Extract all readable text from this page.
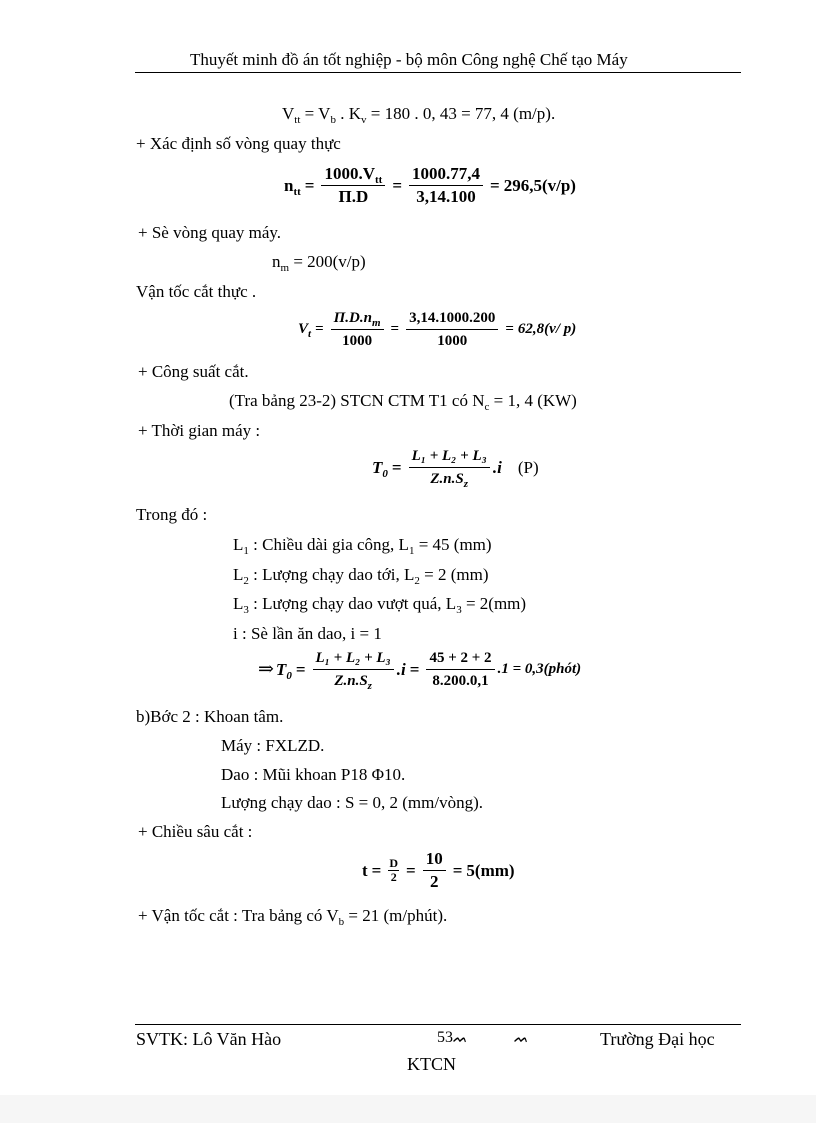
Thuyết minh đồ án tốt nghiệp - bộ môn Công nghệ Chế tạo Máy
$V_{tt} = V_b$ . $K_v = 180$ . 0, 43 = 77, 4 (m/p).
+ Xác định số vòng quay thực
$n_{tt} = \frac{1000.V_{tt}}{\Pi.D} = \frac{1000.77,4}{3,14.100} = 296,5(v/p)$
+ Sè vòng quay máy.
$n_m = 200(v/p)$
Vận tốc cắt thực .
$V_t = \frac{\Pi.D.n_m}{1000} = \frac{3,14.1000.200}{1000} = 62,8(v/$ p)
+ Công suất cắt.
(Tra bảng 23-2) STCN CTM T1 có $N_c = 1$, 4 (KW)
+ Thời gian máy :
$T_0 = \frac{\text{L₁ + L₂ + L₃}}{Z.n.S_z} .i$ (P)
Trong đó :
$L_1$ : Chiều dài gia công, $L_1 = 45$ (mm)
$L_2$ : Lượng chạy dao tới, $L_2 = 2$ (mm)
$L_3$ : Lượng chạy dao vượt quá, $L_3 = 2(mm)$
i : Sè lần ăn dao, i = 1
⇒ $T_0 = \frac{\text{L₁ + L₂ + L₃}}{Z.n.S_z} .i = \frac{45 + 2 + 2}{8.200.0,1} .1$ = 0,3(phót)
b)Bớc 2 : Khoan tâm.
Máy : FXLZD.
Dao : Mũi khoan P18 Φ10.
Lượng chạy dao : S = 0, 2 (mm/vòng).
+ Chiều sâu cắt :
$t = \frac{D}{2} = \frac{10}{2} = 5(mm)$
+ Vận tốc cắt : Tra bảng có $V_b = 21$ (m/phút).
SVTK: Lô Văn Hào	53ᨓ	ᨓ	Trường Đại học
KTCN
